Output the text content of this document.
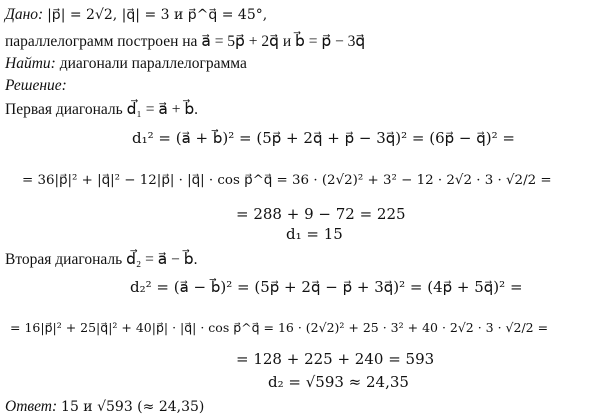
Дано: |p⃗| = 2√2, |q⃗| = 3 и p⃗^q⃗ = 45°,
параллелограмм построен на a⃗ = 5p⃗ + 2q⃗ и b⃗ = p⃗ − 3q⃗
Найти: диагонали параллелограмма
Решение:
Первая диагональ d⃗₁ = a⃗ + b⃗.
d₁² = (a⃗ + b⃗)² = (5p⃗ + 2q⃗ + p⃗ − 3q⃗)² = (6p⃗ − q⃗)² =
= 36|p⃗|² + |q⃗|² − 12|p⃗| · |q⃗| · cos p⃗^q⃗ = 36 · (2√2)² + 3² − 12 · 2√2 · 3 · √2/2 =
= 288 + 9 − 72 = 225
d₁ = 15
Вторая диагональ d⃗₂ = a⃗ − b⃗.
d₂² = (a⃗ − b⃗)² = (5p⃗ + 2q⃗ − p⃗ + 3q⃗)² = (4p⃗ + 5q⃗)² =
= 16|p⃗|² + 25|q⃗|² + 40|p⃗| · |q⃗| · cos p⃗^q⃗ = 16 · (2√2)² + 25 · 3² + 40 · 2√2 · 3 · √2/2 =
= 128 + 225 + 240 = 593
d₂ = √593 ≈ 24,35
Ответ: 15 и √593 (≈ 24,35)
